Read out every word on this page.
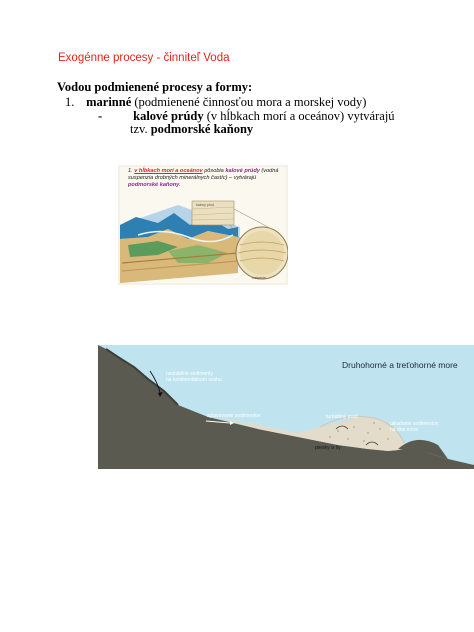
Exogénne procesy - činniteľ Voda
Vodou podmienené procesy a formy:
1. marinné (podmienené činnosťou mora a morskej vody)
- kalové prúdy (v hĺbkach morí a oceánov) vytvárajú
tzv. podmorské kaňony
1. v hĺbkach morí a oceánov pôsobia kalové prúdy (vodná suspenzia drobných minerálnych častíc) – vytvárajú podmorské kaňony.
kalový prúd
vrstvenie
Druhohorné a treťohorné more
nestabilné sedimenty
na kontinentálnom svahu
splavovanie sedimentov	turbiditný prúd
ukladanie sedimentov
na dne mora
piesky a íly
